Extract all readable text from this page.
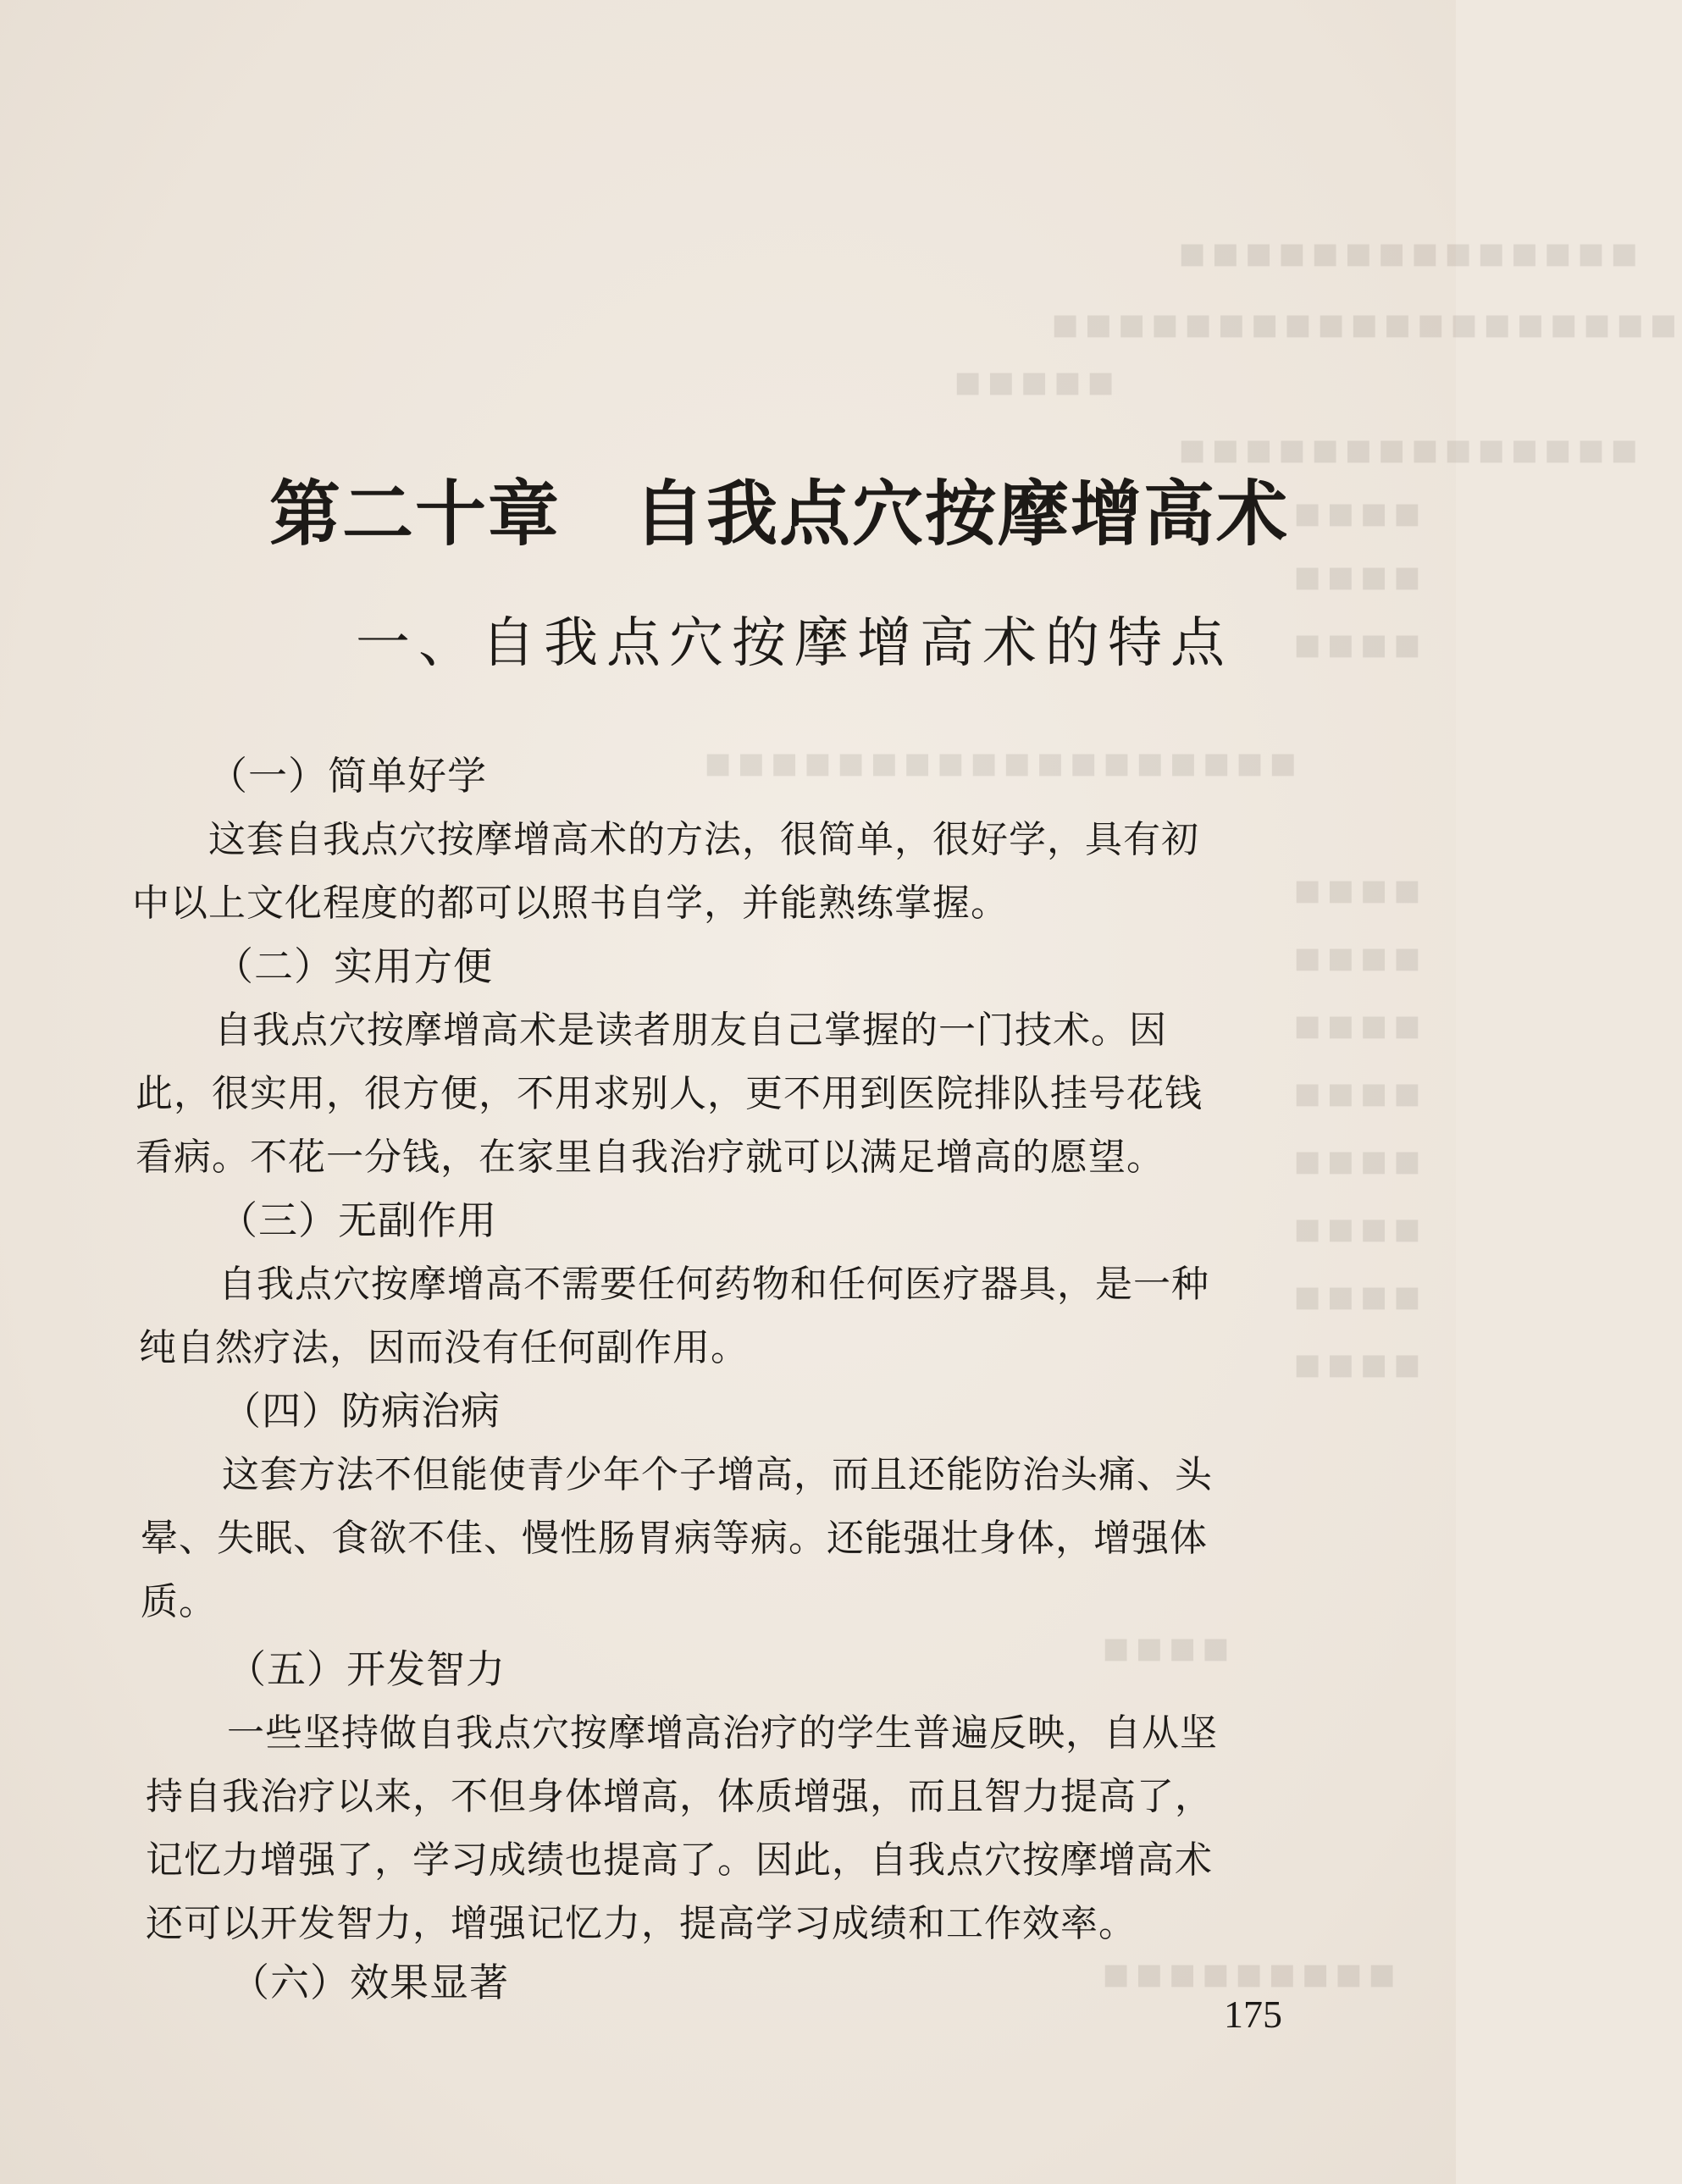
▪▪▪▪▪▪▪▪▪▪▪▪▪▪
▪▪▪▪▪▪▪▪▪▪▪▪▪▪▪▪▪▪▪
▪▪▪▪▪
▪▪▪▪▪▪▪▪▪▪▪▪▪▪
▪▪▪▪
▪▪▪▪
▪▪▪▪
▪▪▪▪▪▪▪▪▪▪▪▪▪▪▪▪▪▪
▪▪▪▪
▪▪▪▪
▪▪▪▪
▪▪▪▪
▪▪▪▪
▪▪▪▪
▪▪▪▪
▪▪▪▪
▪▪▪▪
▪▪▪▪▪▪▪▪▪
第二十章　自我点穴按摩增高术
一、自我点穴按摩增高术的特点
（一）简单好学
这套自我点穴按摩增高术的方法，很简单，很好学，具有初
中以上文化程度的都可以照书自学，并能熟练掌握。
（二）实用方便
自我点穴按摩增高术是读者朋友自己掌握的一门技术。因
此，很实用，很方便，不用求别人，更不用到医院排队挂号花钱
看病。不花一分钱，在家里自我治疗就可以满足增高的愿望。
（三）无副作用
自我点穴按摩增高不需要任何药物和任何医疗器具，是一种
纯自然疗法，因而没有任何副作用。
（四）防病治病
这套方法不但能使青少年个子增高，而且还能防治头痛、头
晕、失眠、食欲不佳、慢性肠胃病等病。还能强壮身体，增强体
质。
（五）开发智力
一些坚持做自我点穴按摩增高治疗的学生普遍反映，自从坚
持自我治疗以来，不但身体增高，体质增强，而且智力提高了，
记忆力增强了，学习成绩也提高了。因此，自我点穴按摩增高术
还可以开发智力，增强记忆力，提高学习成绩和工作效率。
（六）效果显著
175
